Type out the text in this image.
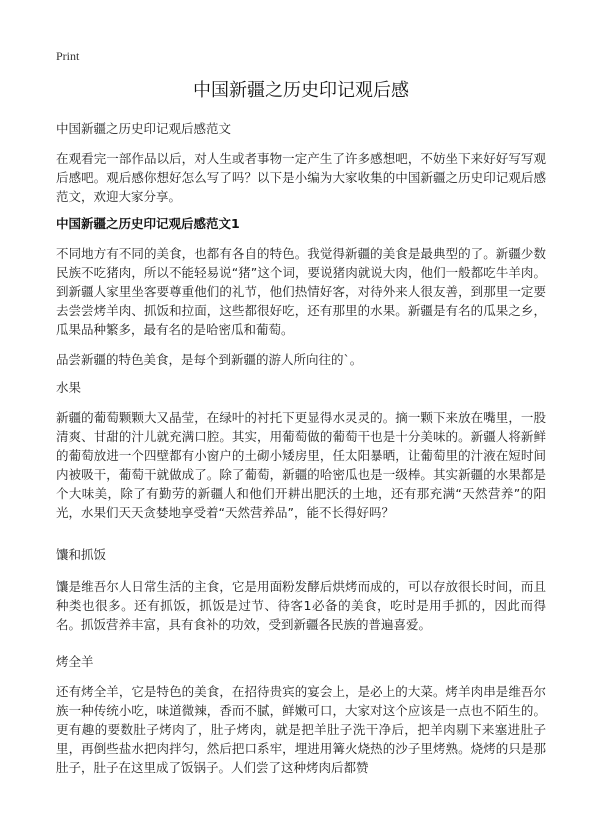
Print
中国新疆之历史印记观后感

中国新疆之历史印记观后感范文

在观看完一部作品以后，对人生或者事物一定产生了许多感想吧，不妨坐下来好好写写观后感吧。观后感你想好怎么写了吗？以下是小编为大家收集的中国新疆之历史印记观后感范文，欢迎大家分享。

中国新疆之历史印记观后感范文1

不同地方有不同的美食，也都有各自的特色。我觉得新疆的美食是最典型的了。新疆少数民族不吃猪肉，所以不能轻易说“猪”这个词，要说猪肉就说大肉，他们一般都吃牛羊肉。到新疆人家里坐客要尊重他们的礼节，他们热情好客，对待外来人很友善，到那里一定要去尝尝烤羊肉、抓饭和拉面，这些都很好吃，还有那里的水果。新疆是有名的瓜果之乡，瓜果品种繁多，最有名的是哈密瓜和葡萄。

品尝新疆的特色美食，是每个到新疆的游人所向往的`。

水果

新疆的葡萄颗颗大又晶莹，在绿叶的衬托下更显得水灵灵的。摘一颗下来放在嘴里，一股清爽、甘甜的汁儿就充满口腔。其实，用葡萄做的葡萄干也是十分美味的。新疆人将新鲜的葡萄放进一个四壁都有小窗户的土砌小矮房里，任太阳暴晒，让葡萄里的汁液在短时间内被吸干，葡萄干就做成了。除了葡萄，新疆的哈密瓜也是一级棒。其实新疆的水果都是个大味美，除了有勤劳的新疆人和他们开耕出肥沃的土地，还有那充满“天然营养”的阳光，水果们天天贪婪地享受着“天然营养品”，能不长得好吗？

馕和抓饭

馕是维吾尔人日常生活的主食，它是用面粉发酵后烘烤而成的，可以存放很长时间，而且种类也很多。还有抓饭，抓饭是过节、待客1必备的美食，吃时是用手抓的，因此而得名。抓饭营养丰富，具有食补的功效，受到新疆各民族的普遍喜爱。

烤全羊

还有烤全羊，它是特色的美食，在招待贵宾的宴会上，是必上的大菜。烤羊肉串是维吾尔族一种传统小吃，味道微辣，香而不腻，鲜嫩可口，大家对这个应该是一点也不陌生的。更有趣的要数肚子烤肉了，肚子烤肉，就是把羊肚子洗干净后，把羊肉剔下来塞进肚子里，再倒些盐水把肉拌匀，然后把口系牢，埋进用篝火烧热的沙子里烤熟。烧烤的只是那肚子，肚子在这里成了饭锅子。人们尝了这种烤肉后都赞
